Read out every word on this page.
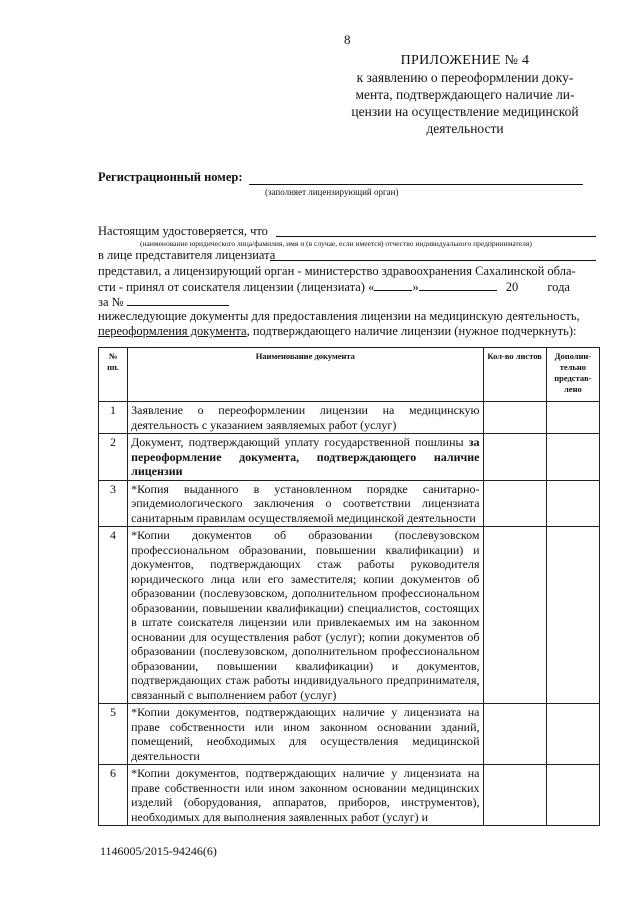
8
ПРИЛОЖЕНИЕ № 4
к заявлению о переоформлении доку-
мента, подтверждающего наличие ли-
цензии на осуществление медицинской
деятельности
Регистрационный номер:
(заполняет лицензирующий орган)
Настоящим удостоверяется, что
(наименование юридического лица/фамилия, имя и (в случае, если имеется) отчество индивидуального предпринимателя)
в лице представителя лицензиата
представил, а лицензирующий орган - министерство здравоохранения Сахалинской обла-
сти - принял от соискателя лицензии (лицензиата) «	»	20 года
за №
нижеследующие документы для предоставления лицензии на медицинскую деятельность,
переоформления документа, подтверждающего наличие лицензии (нужное подчеркнуть):
№ пп.	Наименование документа	Кол-во листов	Дополни- тельно представ- лено
1	Заявление о переоформлении лицензии на медицинскую деятельность с указанием заявляемых работ (услуг)		
2	Документ, подтверждающий уплату государственной пошлины за переоформление документа, подтверждающего наличие лицензии		
3	*Копия выданного в установленном порядке санитарно-эпидемиологического заключения о соответствии лицензиата санитарным правилам осуществляемой медицинской деятельности		
4	*Копии документов об образовании (послевузовском профессиональном образовании, повышении квалификации) и документов, подтверждающих стаж работы руководителя юридического лица или его заместителя; копии документов об образовании (послевузовском, дополнительном профессиональном образовании, повышении квалификации) специалистов, состоящих в штате соискателя лицензии или привлекаемых им на законном основании для осуществления работ (услуг); копии документов об образовании (послевузовском, дополнительном профессиональном образовании, повышении квалификации) и документов, подтверждающих стаж работы индивидуального предпринимателя, связанный с выполнением работ (услуг)		
5	*Копии документов, подтверждающих наличие у лицензиата на праве собственности или ином законном основании зданий, помещений, необходимых для осуществления медицинской деятельности		
6	*Копии документов, подтверждающих наличие у лицензиата на праве собственности или ином законном основании медицинских изделий (оборудования, аппаратов, приборов, инструментов), необходимых для выполнения заявленных работ (услуг) и		
1146005/2015-94246(6)
